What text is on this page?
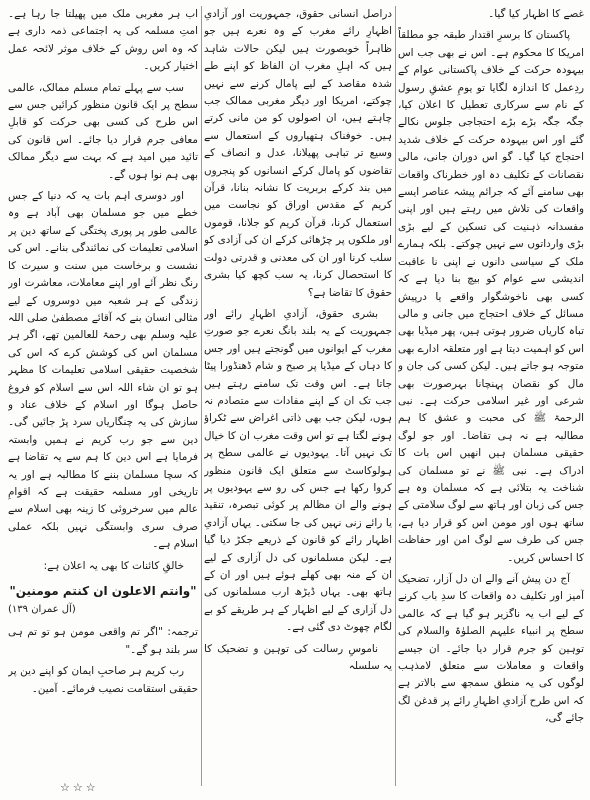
غصے کا اظہار کیا گیا۔

پاکستان کا برسرِ اقتدار طبقہ جو مطلقاً امریکا کا محکوم ہے۔ اس نے بھی جب اس بیہودہ حرکت کے خلاف پاکستانی عوام کے ردِعمل کا اندازہ لگایا تو یومِ عشقِ رسول کے نام سے سرکاری تعطیل کا اعلان کیا، جگہ جگہ بڑے بڑے احتجاجی جلوس نکالے گئے اور اس بیہودہ حرکت کے خلاف شدید احتجاج کیا گیا۔ گو اس دوران جانی، مالی نقصانات کے تکلیف دہ اور خطرناک واقعات بھی سامنے آئے کہ جرائم پیشہ عناصر ایسے واقعات کی تلاش میں رہتے ہیں اور اپنی مفسدانہ ذہنیت کی تسکین کے لیے بڑی بڑی وارداتوں سے نہیں چوکتے۔ بلکہ ہمارے ملک کے سیاسی دانوں نے اپنی نا عاقبت اندیشی سے عوام کو بیچ بنا دیا ہے کہ کسی بھی ناخوشگوار واقعے یا درپیش مسائل کے خلاف احتجاج میں جانی و مالی تباہ کاریاں ضرور ہوتی ہیں، پھر میڈیا بھی اس کو اہمیت دیتا ہے اور متعلقہ ادارے بھی متوجہ ہو جاتے ہیں۔ لیکن کسی کی جان و مال کو نقصان پہنچانا بہرصورت بھی شرعی اور غیر اسلامی حرکت ہے۔ نبی الرحمۃ ﷺ کی محبت و عشق کا ہم مطالبہ ہے نہ ہی تقاضا۔ اور جو لوگ حقیقی مسلمان ہیں انھیں اس بات کا ادراک ہے۔ نبی ﷺ نے تو مسلمان کی شناخت یہ بتلائی ہے کہ مسلمان وہ ہے جس کی زبان اور ہاتھ سے لوگ سلامتی کے ساتھ ہوں اور مومن اس کو قرار دیا ہے، جس کی طرف سے لوگ امن اور حفاظت کا احساس کریں۔

آج دن پیش آنے والے ان دل آزار، تضحیک آمیز اور تکلیف دہ واقعات کا سدِ باب کرنے کے لیے اب یہ ناگزیر ہو گیا ہے کہ عالمی سطح پر انبیاء علیہم الصلوٰۃ والسلام کی توہین کو جرم قرار دیا جائے۔ ان جیسے واقعات و معاملات سے متعلق لامذہب لوگوں کی یہ منطق سمجھ سے بالاتر ہے کہ اس طرح آزادیِ اظہارِ رائے پر قدغن لگ جائے گی،

دراصل انسانی حقوق، جمہوریت اور آزادیِ اظہارِ رائے مغرب کے وہ نعرے ہیں جو ظاہراً خوبصورت ہیں لیکن حالات شاہد ہیں کہ اہلِ مغرب ان الفاظ کو اپنے طے شدہ مقاصد کے لیے پامال کرنے سے نہیں چوکتے، امریکا اور دیگر مغربی ممالک جب چاہتے ہیں، ان اصولوں کو من مانی کرتے ہیں۔ خوفناک ہتھیاروں کے استعمال سے وسیع تر تباہی پھیلانا، عدل و انصاف کے تقاضوں کو پامال کرکے انسانوں کو پنجروں میں بند کرکے بربریت کا نشانہ بنانا، قرآن کریم کے مقدس اوراق کو نجاست میں استعمال کرنا، قرآن کریم کو جلانا، قوموں اور ملکوں پر چڑھائی کرکے ان کی آزادی کو سلب کرنا اور ان کی معدنی و قدرتی دولت کا استحصال کرنا، یہ سب کچھ کیا بشری حقوق کا تقاضا ہے؟

بشری حقوق، آزادیِ اظہارِ رائے اور جمہوریت کے یہ بلند بانگ نعرے جو صورتِ مغرب کے ایوانوں میں گونجتے ہیں اور جس کا دہاں کے میڈیا پر صبح و شام ڈھنڈورا پیٹا جاتا ہے۔ اس وقت تک سامنے رہتے ہیں جب تک ان کے اپنے مفادات سے متصادم نہ ہوں، لیکن جب بھی ذاتی اغراض سے ٹکراؤ ہونے لگتا ہے تو اس وقت مغرب ان کا خیال تک نہیں آتا۔ یہودیوں نے عالمی سطح پر ہولوکاسٹ سے متعلق ایک قانون منظور کروا رکھا ہے جس کی رو سے یہودیوں پر ہونے والے ان مظالم پر کوئی تبصرہ، تنقید یا رائے زنی نہیں کی جا سکتی۔ یہاں آزادیِ اظہار رائے کو قانون کے ذریعے جکڑ دیا گیا ہے۔ لیکن مسلمانوں کی دل آزاری کے لیے ان کے منہ بھی کھلے ہوئے ہیں اور ان کے ہاتھ بھی۔ یہاں ڈیڑھ ارب مسلمانوں کی دل آزاری کے لیے اظہار کے ہر طریقے کو بے لگام چھوٹ دی گئی ہے۔

ناموسِ رسالت کی توہین و تضحیک کا یہ سلسلہ

اب ہر مغربی ملک میں پھیلتا جا رہا ہے۔ امتِ مسلمہ کی یہ اجتماعی ذمہ داری ہے کہ وہ اس روش کے خلاف موثر لائحہ عمل اختیار کریں۔

سب سے پہلے تمام مسلم ممالک، عالمی سطح پر ایک قانون منظور کرائیں جس سے اس طرح کی کسی بھی حرکت کو قابلِ معافی جرم قرار دیا جائے۔ اس قانون کی تائید میں امید ہے کہ بہت سے دیگر ممالک بھی ہم نوا ہوں گے۔

اور دوسری اہم بات یہ کہ دنیا کے جس خطے میں جو مسلمان بھی آباد ہے وہ عالمی طور پر پوری پختگی کے ساتھ دین پر اسلامی تعلیمات کی نمائندگی بنانے۔ اس کی نشست و برخاست میں سنت و سیرت کا رنگ نظر آئے اور اپنے معاملات، معاشرت اور زندگی کے ہر شعبہ میں دوسروں کے لیے مثالی انسان بنے کہ آقائے مصطفیٰ صلی اللہ علیہ وسلم بھی رحمۃ للعالمین تھے، اگر ہر مسلمان اس کی کوشش کرے کہ اس کی شخصیت حقیقی اسلامی تعلیمات کا مظہر ہو تو ان شاء اللہ اس سے اسلام کو فروغ حاصل ہوگا اور اسلام کے خلاف عناد و سازش کی یہ چنگاریاں سرد پڑ جائیں گی۔ دین سے جو رب کریم نے ہمیں وابستہ فرمایا ہے اس دین کا ہم سے یہ تقاضا ہے کہ سچا مسلمان بننے کا مطالبہ ہے اور یہ تاریخی اور مسلمہ حقیقت ہے کہ اقوامِ عالم میں سرخروئی کا زینہ بھی اسلام سے صرف سری وابستگی نہیں بلکہ عملی اسلام ہے۔

خالقِ کائنات کا بھی یہ اعلان ہے:

"وانتم الاعلون ان کنتم مومنین"

(آل عمران ۱۳۹)

ترجمہ: "اگر تم واقعی مومن ہو تو تم ہی سر بلند ہو گے۔"

رب کریم ہر صاحبِ ایمان کو اپنے دین پر حقیقی استقامت نصیب فرمائے۔ آمین۔

☆☆☆
